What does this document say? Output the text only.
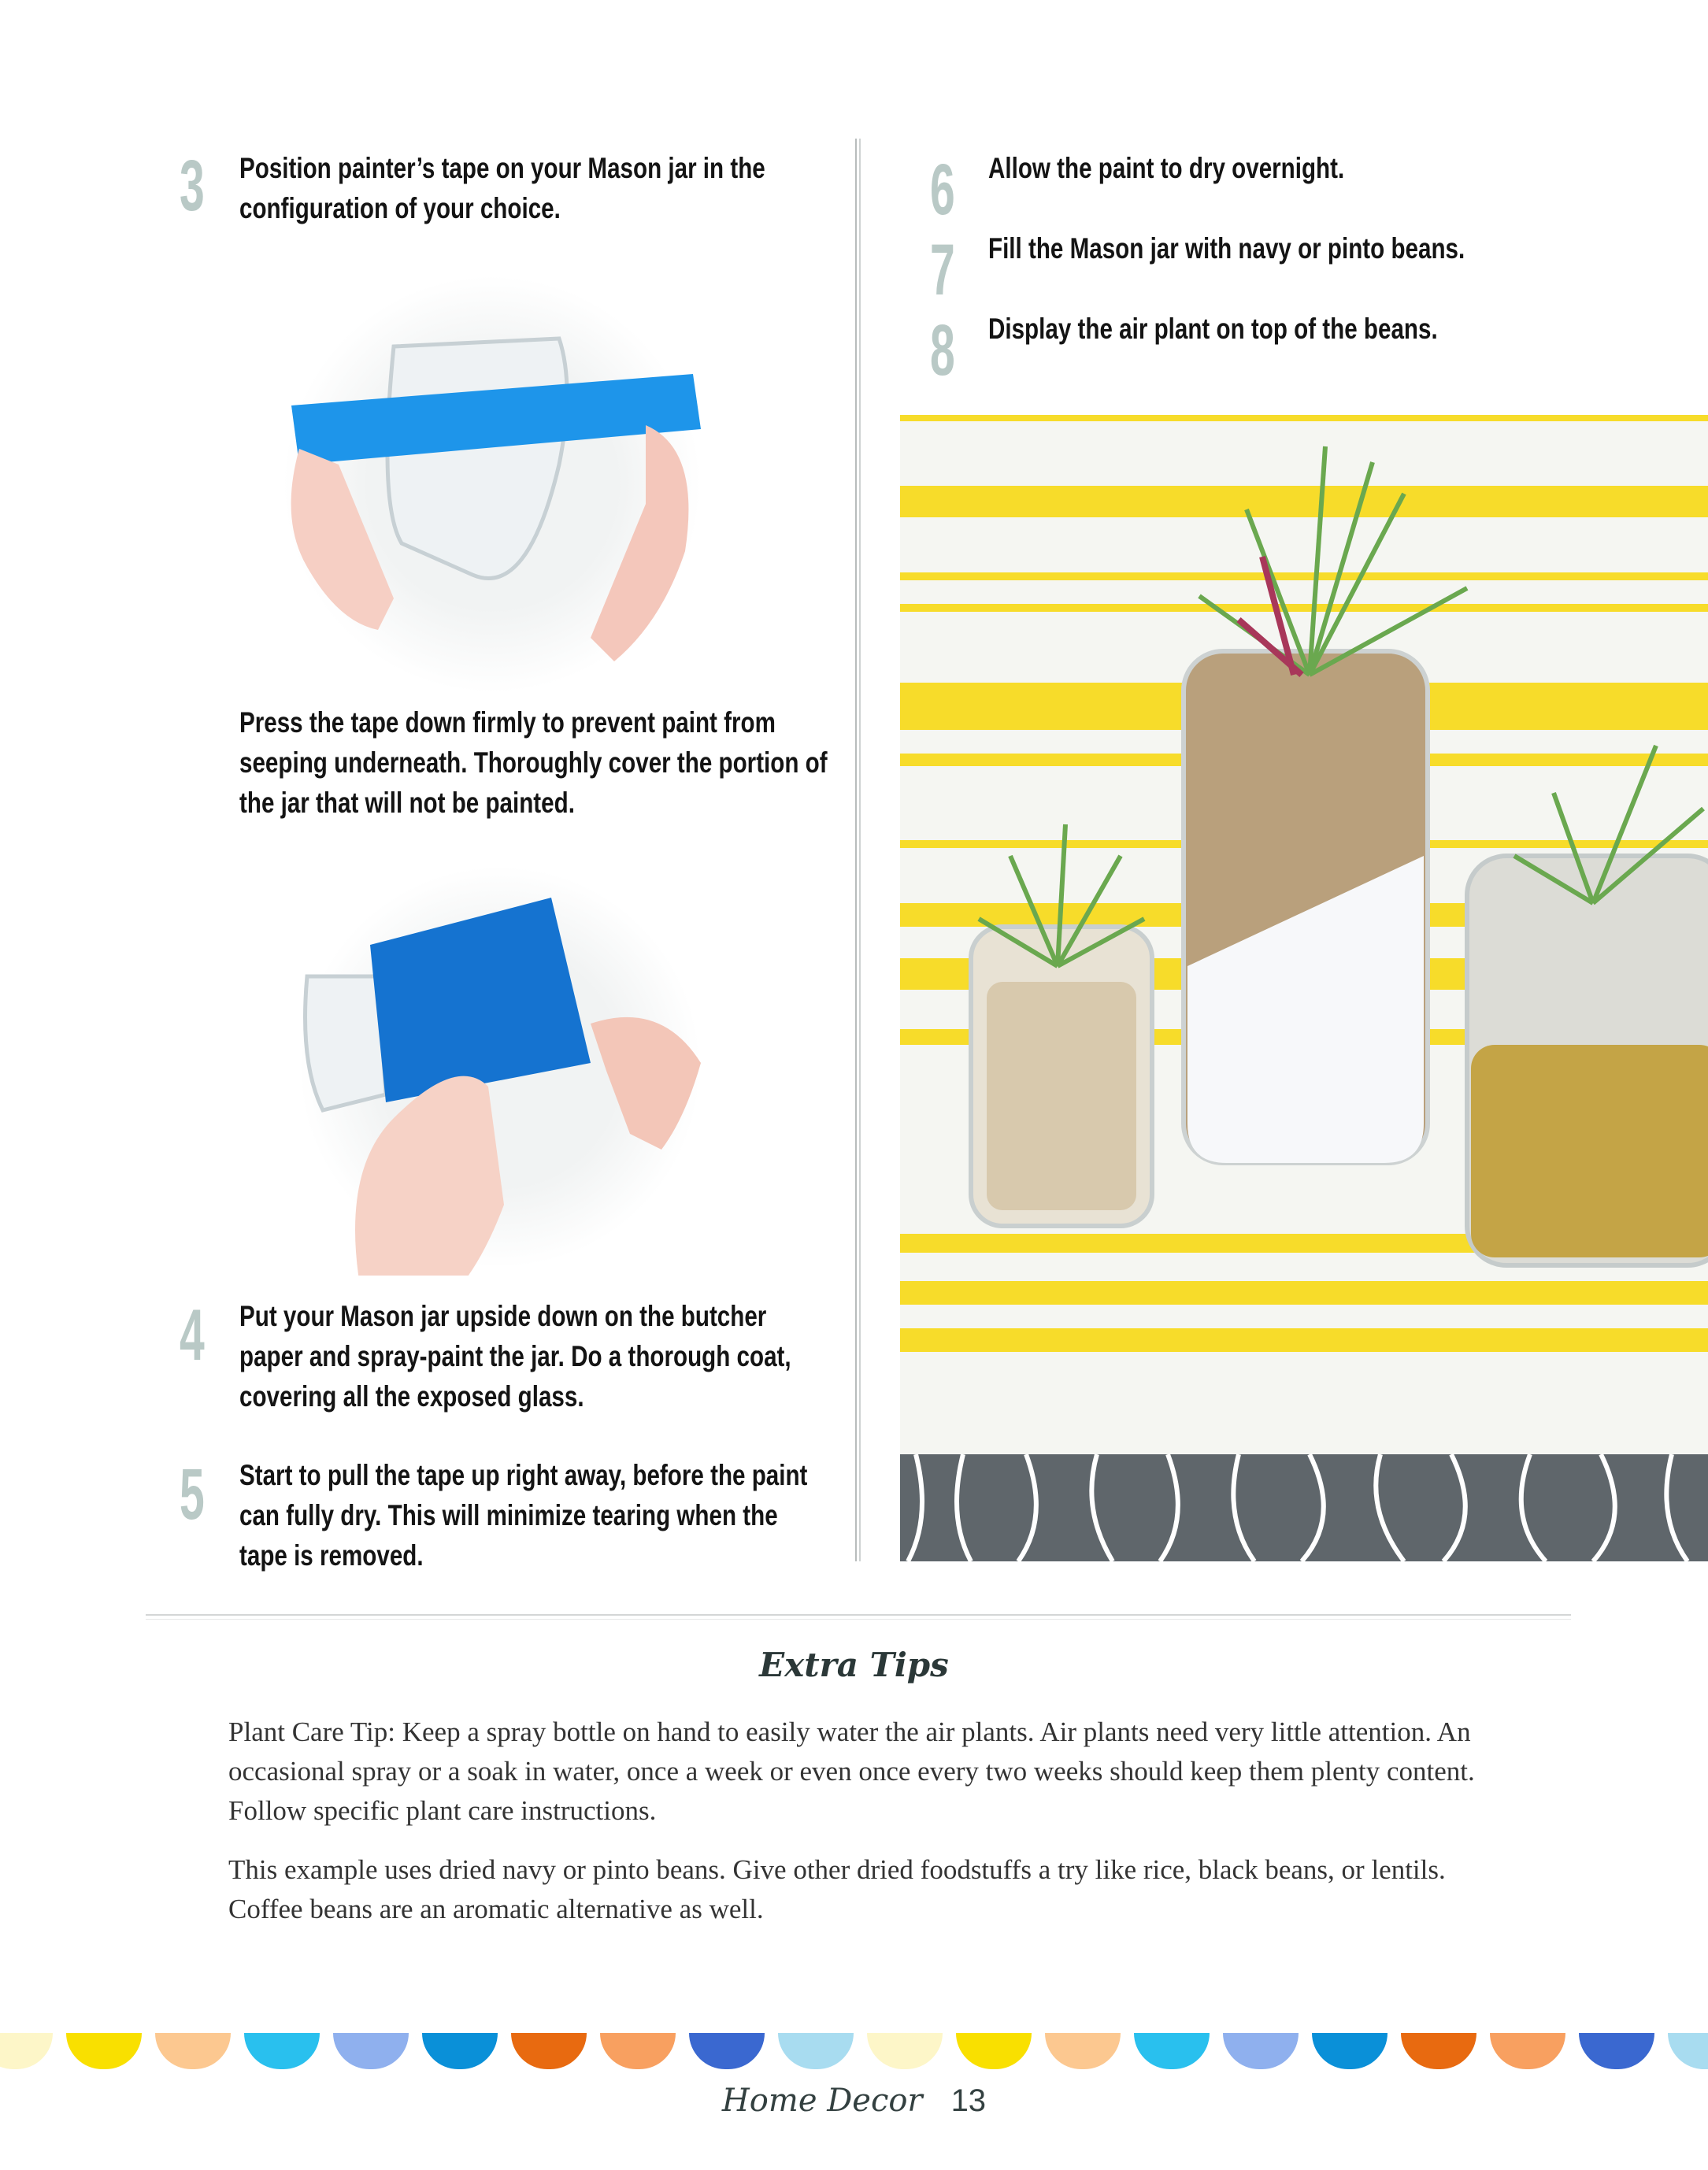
3 Position painter’s tape on your Mason jar in the configuration of your choice.
Press the tape down firmly to prevent paint from seeping underneath. Thoroughly cover the portion of the jar that will not be painted.
4 Put your Mason jar upside down on the butcher paper and spray-paint the jar. Do a thorough coat, covering all the exposed glass.
5 Start to pull the tape up right away, before the paint can fully dry. This will minimize tearing when the tape is removed.
6 Allow the paint to dry overnight.
7 Fill the Mason jar with navy or pinto beans.
8 Display the air plant on top of the beans.
Extra Tips
Plant Care Tip: Keep a spray bottle on hand to easily water the air plants. Air plants need very little attention. An occasional spray or a soak in water, once a week or even once every two weeks should keep them plenty content. Follow specific plant care instructions.
This example uses dried navy or pinto beans. Give other dried foodstuffs a try like rice, black beans, or lentils. Coffee beans are an aromatic alternative as well.
Home Decor 13
